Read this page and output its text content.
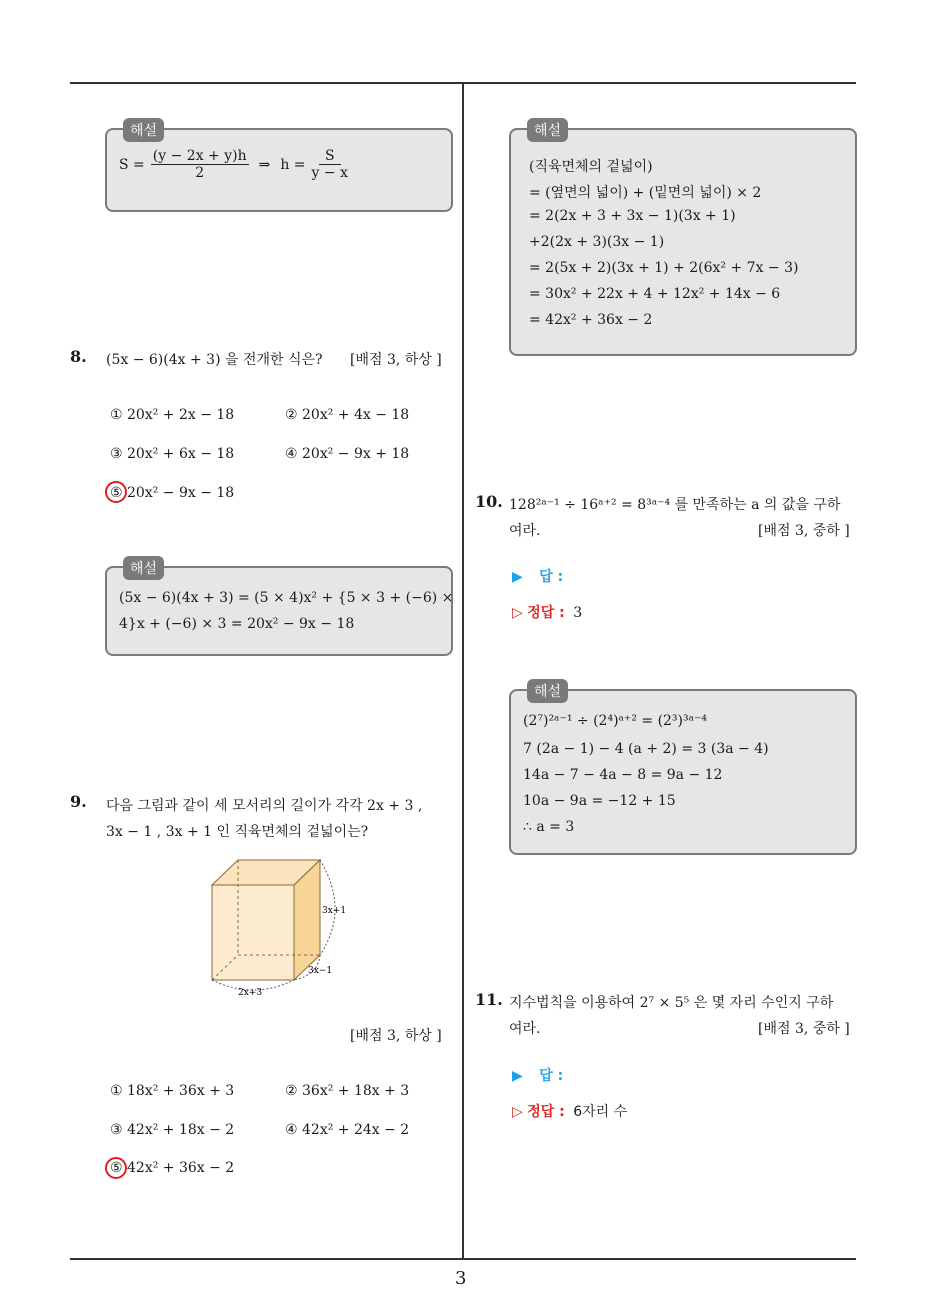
3
해설
$S = \frac{(y - 2x + y)h}{2}$ ⇒ $h = \frac{S}{y - x}$
8. (5x − 6)(4x + 3) 을 전개한 식은? [배점 3, 하상 ]
① 20x² + 2x − 18	② 20x² + 4x − 18
③ 20x² + 6x − 18	④ 20x² − 9x + 18
⑤ 20x² − 9x − 18
해설
(5x − 6)(4x + 3) = (5 × 4)x² + {5 × 3 + (−6) ×
4}x + (−6) × 3 = 20x² − 9x − 18
9. 다음 그림과 같이 세 모서리의 길이가 각각 2x + 3 ,
3x − 1 , 3x + 1 인 직육면체의 겉넓이는?
3x+1
3x−1
2x+3
[배점 3, 하상 ]
① 18x² + 36x + 3	② 36x² + 18x + 3
③ 42x² + 18x − 2	④ 42x² + 24x − 2
⑤ 42x² + 36x − 2
해설
(직육면체의 겉넓이)
= (옆면의 넓이) + (밑면의 넓이) × 2
= 2(2x + 3 + 3x − 1)(3x + 1)
+2(2x + 3)(3x − 1)
= 2(5x + 2)(3x + 1) + 2(6x² + 7x − 3)
= 30x² + 22x + 4 + 12x² + 14x − 6
= 42x² + 36x − 2
10. 128²ᵃ⁻¹ ÷ 16ᵃ⁺² = 8³ᵃ⁻⁴ 를 만족하는 a 의 값을 구하
여라.	[배점 3, 중하 ]
▶ 답 :
▷ 정답 : 3
해설
(2⁷)²ᵃ⁻¹ ÷ (2⁴)ᵃ⁺² = (2³)³ᵃ⁻⁴
7 (2a − 1) − 4 (a + 2) = 3 (3a − 4)
14a − 7 − 4a − 8 = 9a − 12
10a − 9a = −12 + 15
∴ a = 3
11. 지수법칙을 이용하여 2⁷ × 5⁵ 은 몇 자리 수인지 구하
여라.	[배점 3, 중하 ]
▶ 답 :
▷ 정답 : 6자리 수
